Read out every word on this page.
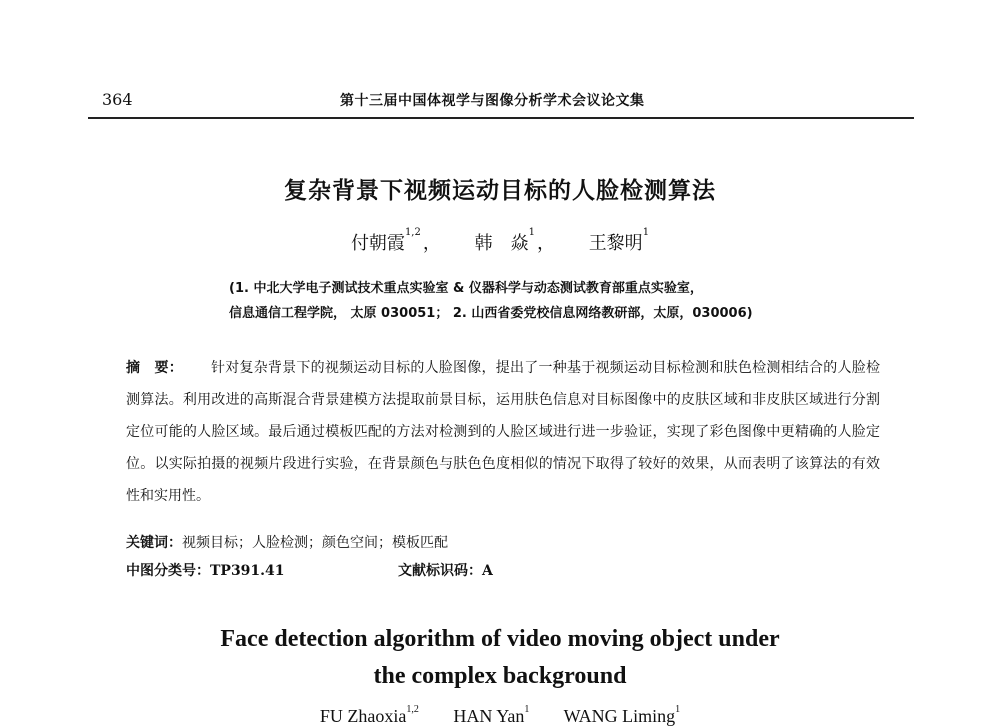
364	第十三届中国体视学与图像分析学术会议论文集
复杂背景下视频运动目标的人脸检测算法
付朝霞$^{1,2}$， 韩　焱$^1$， 王黎明$^1$
(1. 中北大学电子测试技术重点实验室 & 仪器科学与动态测试教育部重点实验室，
信息通信工程学院， 太原 030051； 2. 山西省委党校信息网络教研部，太原，030006)
摘　要： 针对复杂背景下的视频运动目标的人脸图像，提出了一种基于视频运动目标检测和肤色检测相结合的人脸检测算法。利用改进的高斯混合背景建模方法提取前景目标，运用肤色信息对目标图像中的皮肤区域和非皮肤区域进行分割定位可能的人脸区域。最后通过模板匹配的方法对检测到的人脸区域进行进一步验证，实现了彩色图像中更精确的人脸定位。以实际拍摄的视频片段进行实验，在背景颜色与肤色色度相似的情况下取得了较好的效果，从而表明了该算法的有效性和实用性。
关键词：视频目标；人脸检测；颜色空间；模板匹配
中图分类号：TP391.41	文献标识码：A
Face detection algorithm of video moving object under
the complex background
FU Zhaoxia$^{1,2}$ HAN Yan$^1$ WANG Liming$^1$
